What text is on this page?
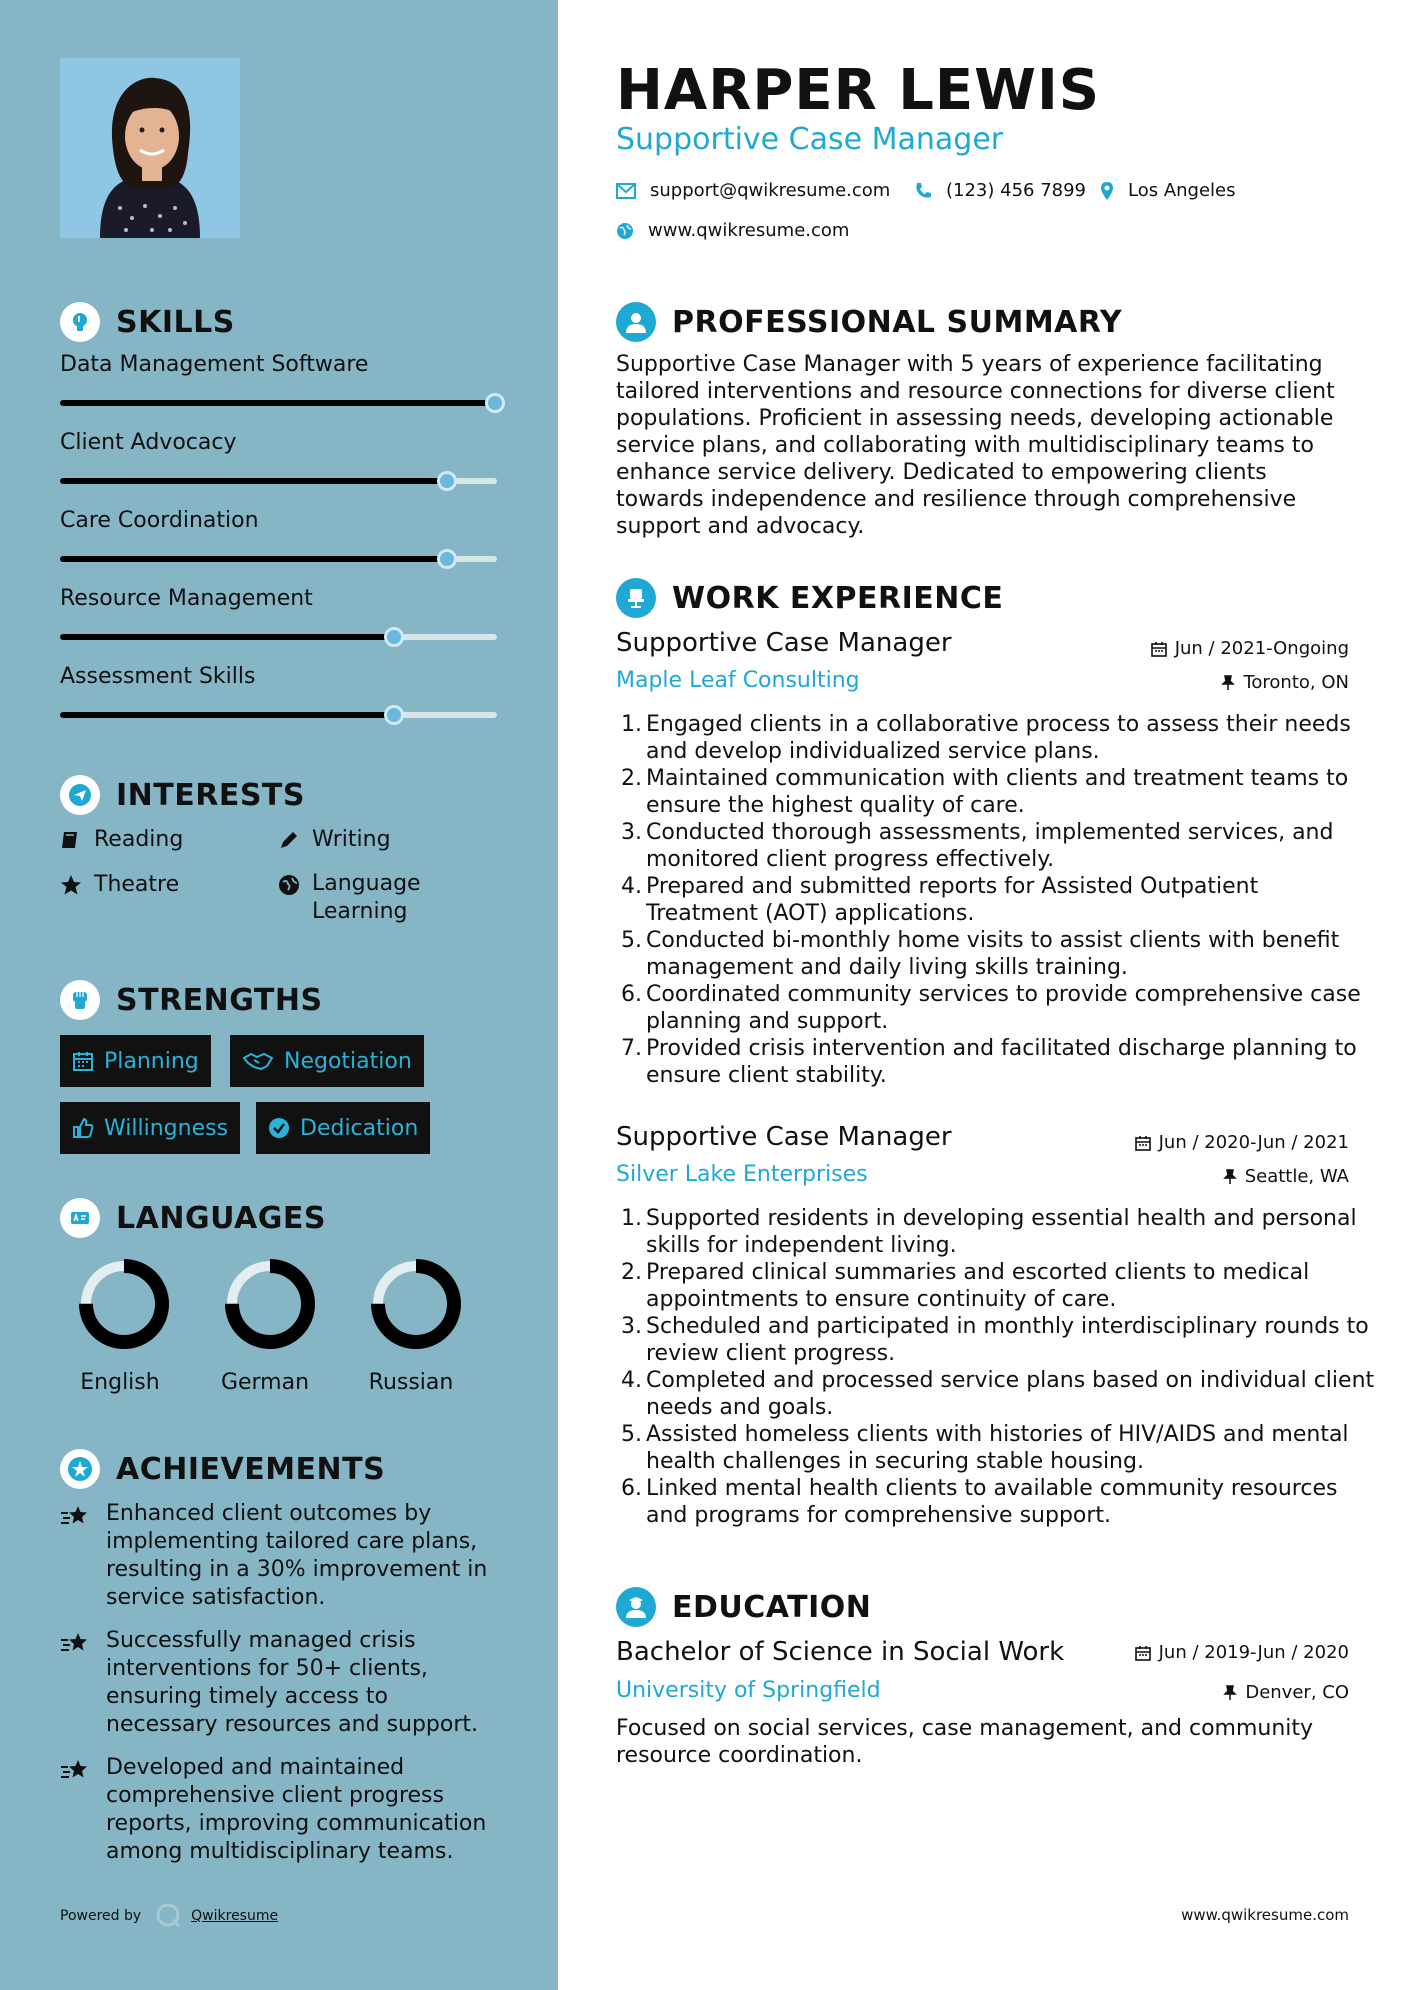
SKILLS
Data Management Software
Client Advocacy
Care Coordination
Resource Management
Assessment Skills
INTERESTS
Reading	Writing
Theatre	Language Learning
STRENGTHS
Planning	Negotiation
Willingness	Dedication
LANGUAGES
English	German	Russian
ACHIEVEMENTS
Enhanced client outcomes by implementing tailored care plans, resulting in a 30% improvement in service satisfaction.
Successfully managed crisis interventions for 50+ clients, ensuring timely access to necessary resources and support.
Developed and maintained comprehensive client progress reports, improving communication among multidisciplinary teams.
Powered by	Qwikresume
HARPER LEWIS
Supportive Case Manager
support@qwikresume.com	(123) 456 7899 Los Angeles
www.qwikresume.com
PROFESSIONAL SUMMARY
Supportive Case Manager with 5 years of experience facilitating tailored interventions and resource connections for diverse client populations. Proficient in assessing needs, developing actionable service plans, and collaborating with multidisciplinary teams to enhance service delivery. Dedicated to empowering clients towards independence and resilience through comprehensive support and advocacy.
WORK EXPERIENCE
Supportive Case Manager	Jun / 2021-Ongoing
Maple Leaf Consulting	Toronto, ON
1. Engaged clients in a collaborative process to assess their needs and develop individualized service plans.
2. Maintained communication with clients and treatment teams to ensure the highest quality of care.
3. Conducted thorough assessments, implemented services, and monitored client progress effectively.
4. Prepared and submitted reports for Assisted Outpatient Treatment (AOT) applications.
5. Conducted bi-monthly home visits to assist clients with benefit management and daily living skills training.
6. Coordinated community services to provide comprehensive case planning and support.
7. Provided crisis intervention and facilitated discharge planning to ensure client stability.
Supportive Case Manager	Jun / 2020-Jun / 2021
Silver Lake Enterprises	Seattle, WA
1. Supported residents in developing essential health and personal skills for independent living.
2. Prepared clinical summaries and escorted clients to medical appointments to ensure continuity of care.
3. Scheduled and participated in monthly interdisciplinary rounds to review client progress.
4. Completed and processed service plans based on individual client needs and goals.
5. Assisted homeless clients with histories of HIV/AIDS and mental health challenges in securing stable housing.
6. Linked mental health clients to available community resources and programs for comprehensive support.
EDUCATION
Bachelor of Science in Social Work	Jun / 2019-Jun / 2020
University of Springfield	Denver, CO
Focused on social services, case management, and community resource coordination.
www.qwikresume.com
